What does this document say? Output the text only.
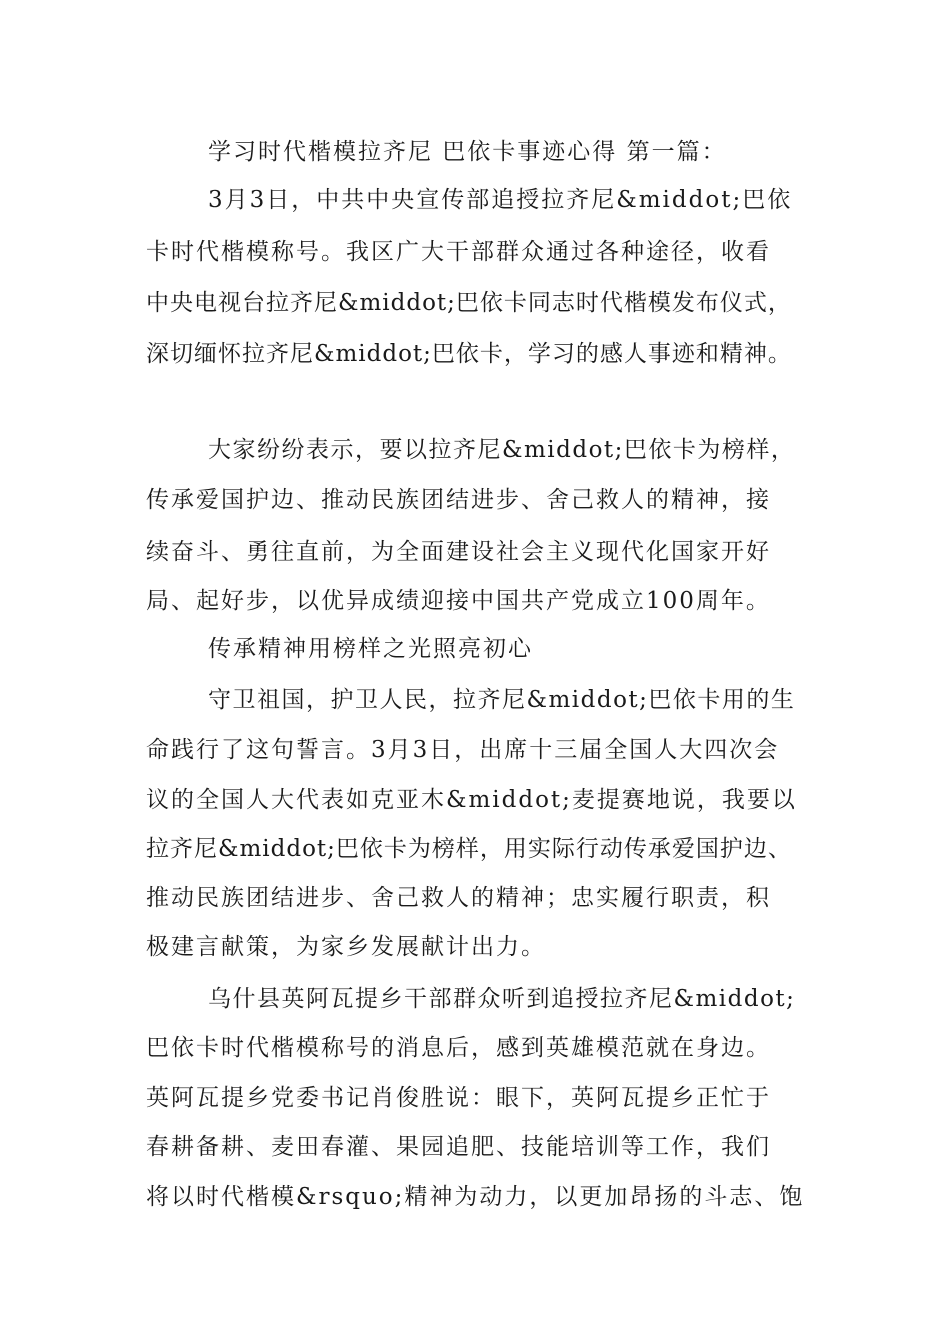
学习时代楷模拉齐尼 巴依卡事迹心得 第一篇：
3月3日，中共中央宣传部追授拉齐尼&middot;巴依
卡时代楷模称号。我区广大干部群众通过各种途径，收看
中央电视台拉齐尼&middot;巴依卡同志时代楷模发布仪式，
深切缅怀拉齐尼&middot;巴依卡，学习的感人事迹和精神。
大家纷纷表示，要以拉齐尼&middot;巴依卡为榜样，
传承爱国护边、推动民族团结进步、舍己救人的精神，接
续奋斗、勇往直前，为全面建设社会主义现代化国家开好
局、起好步，以优异成绩迎接中国共产党成立100周年。
传承精神用榜样之光照亮初心
守卫祖国，护卫人民，拉齐尼&middot;巴依卡用的生
命践行了这句誓言。3月3日，出席十三届全国人大四次会
议的全国人大代表如克亚木&middot;麦提赛地说，我要以
拉齐尼&middot;巴依卡为榜样，用实际行动传承爱国护边、
推动民族团结进步、舍己救人的精神；忠实履行职责，积
极建言献策，为家乡发展献计出力。
乌什县英阿瓦提乡干部群众听到追授拉齐尼&middot;
巴依卡时代楷模称号的消息后，感到英雄模范就在身边。
英阿瓦提乡党委书记肖俊胜说：眼下，英阿瓦提乡正忙于
春耕备耕、麦田春灌、果园追肥、技能培训等工作，我们
将以时代楷模&rsquo;精神为动力，以更加昂扬的斗志、饱
